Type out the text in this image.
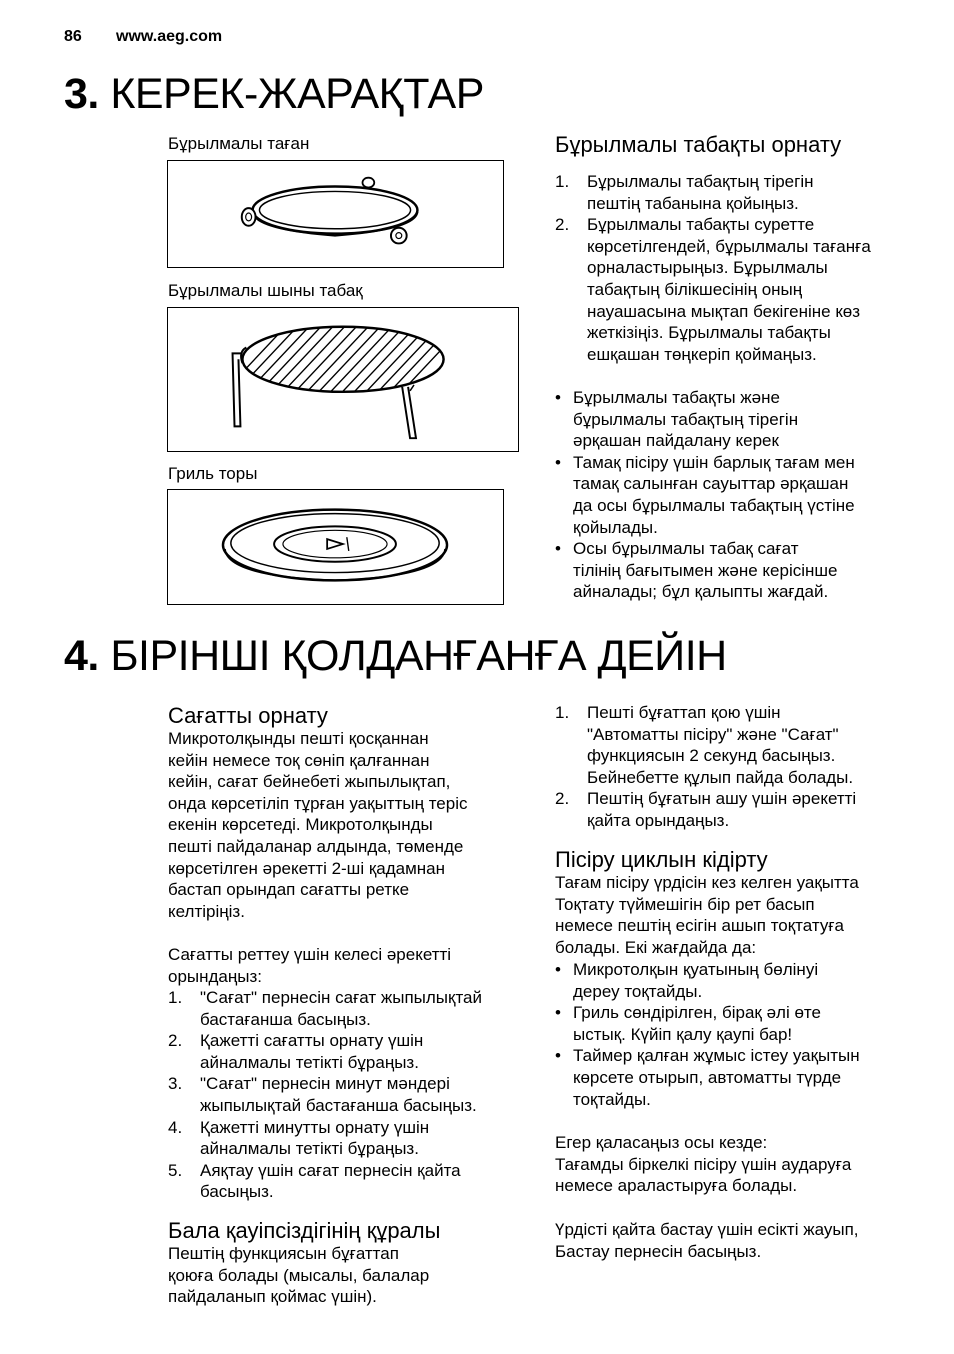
86 www.aeg.com
3. КЕРЕК-ЖАРАҚТАР
Бұрылмалы таған
Бұрылмалы шыны табақ
Гриль торы
Бұрылмалы табақты орнату
1. Бұрылмалы табақтың тірегін
пештің табанына қойыңыз.
2. Бұрылмалы табақты суретте
көрсетілгендей, бұрылмалы тағанға
орналастырыңыз. Бұрылмалы
табақтың білікшесінің оның
науашасына мықтап бекігеніне көз
жеткізіңіз. Бұрылмалы табақты
ешқашан төңкеріп қоймаңыз.
• Бұрылмалы табақты және
бұрылмалы табақтың тірегін
әрқашан пайдалану керек
• Тамақ пісіру үшін барлық тағам мен
тамақ салынған сауыттар әрқашан
да осы бұрылмалы табақтың үстіне
қойылады.
• Осы бұрылмалы табақ сағат
тілінің бағытымен және керісінше
айналады; бұл қалыпты жағдай.
4. БІРІНШІ ҚОЛДАНҒАНҒА ДЕЙІН
Сағатты орнату
Микротолқынды пешті қосқаннан
кейін немесе тоқ сөніп қалғаннан
кейін, сағат бейнебеті жыпылықтап,
онда көрсетіліп тұрған уақыттың теріс
екенін көрсетеді. Микротолқынды
пешті пайдаланар алдында, төменде
көрсетілген әрекетті 2-ші қадамнан
бастап орындап сағатты ретке
келтіріңіз.
Сағатты реттеу үшін келесі әрекетті
орындаңыз:
1. "Сағат" пернесін сағат жыпылықтай
бастағанша басыңыз.
2. Қажетті сағатты орнату үшін
айналмалы тетікті бұраңыз.
3. "Сағат" пернесін минут мәндері
жыпылықтай бастағанша басыңыз.
4. Қажетті минутты орнату үшін
айналмалы тетікті бұраңыз.
5. Аяқтау үшін сағат пернесін қайта
басыңыз.
Бала қауіпсіздігінің құралы
Пештің функциясын бұғаттап
қоюға болады (мысалы, балалар
пайдаланып қоймас үшін).
1. Пешті бұғаттап қою үшін
"Автоматты пісіру" және "Сағат"
функциясын 2 секунд басыңыз.
Бейнебетте құлып пайда болады.
2. Пештің бұғатын ашу үшін әрекетті
қайта орындаңыз.
Пісіру циклын кідірту
Тағам пісіру үрдісін кез келген уақытта
Тоқтату түймешігін бір рет басып
немесе пештің есігін ашып тоқтатуға
болады. Екі жағдайда да:
• Микротолқын қуатының бөлінуі
дереу тоқтайды.
• Гриль сөндірілген, бірақ әлі өте
ыстық. Күйіп қалу қаупі бар!
• Таймер қалған жұмыс істеу уақытын
көрсете отырып, автоматты түрде
тоқтайды.
Егер қаласаңыз осы кезде:
Тағамды біркелкі пісіру үшін аударуға
немесе араластыруға болады.
Үрдісті қайта бастау үшін есікті жауып,
Бастау пернесін басыңыз.
